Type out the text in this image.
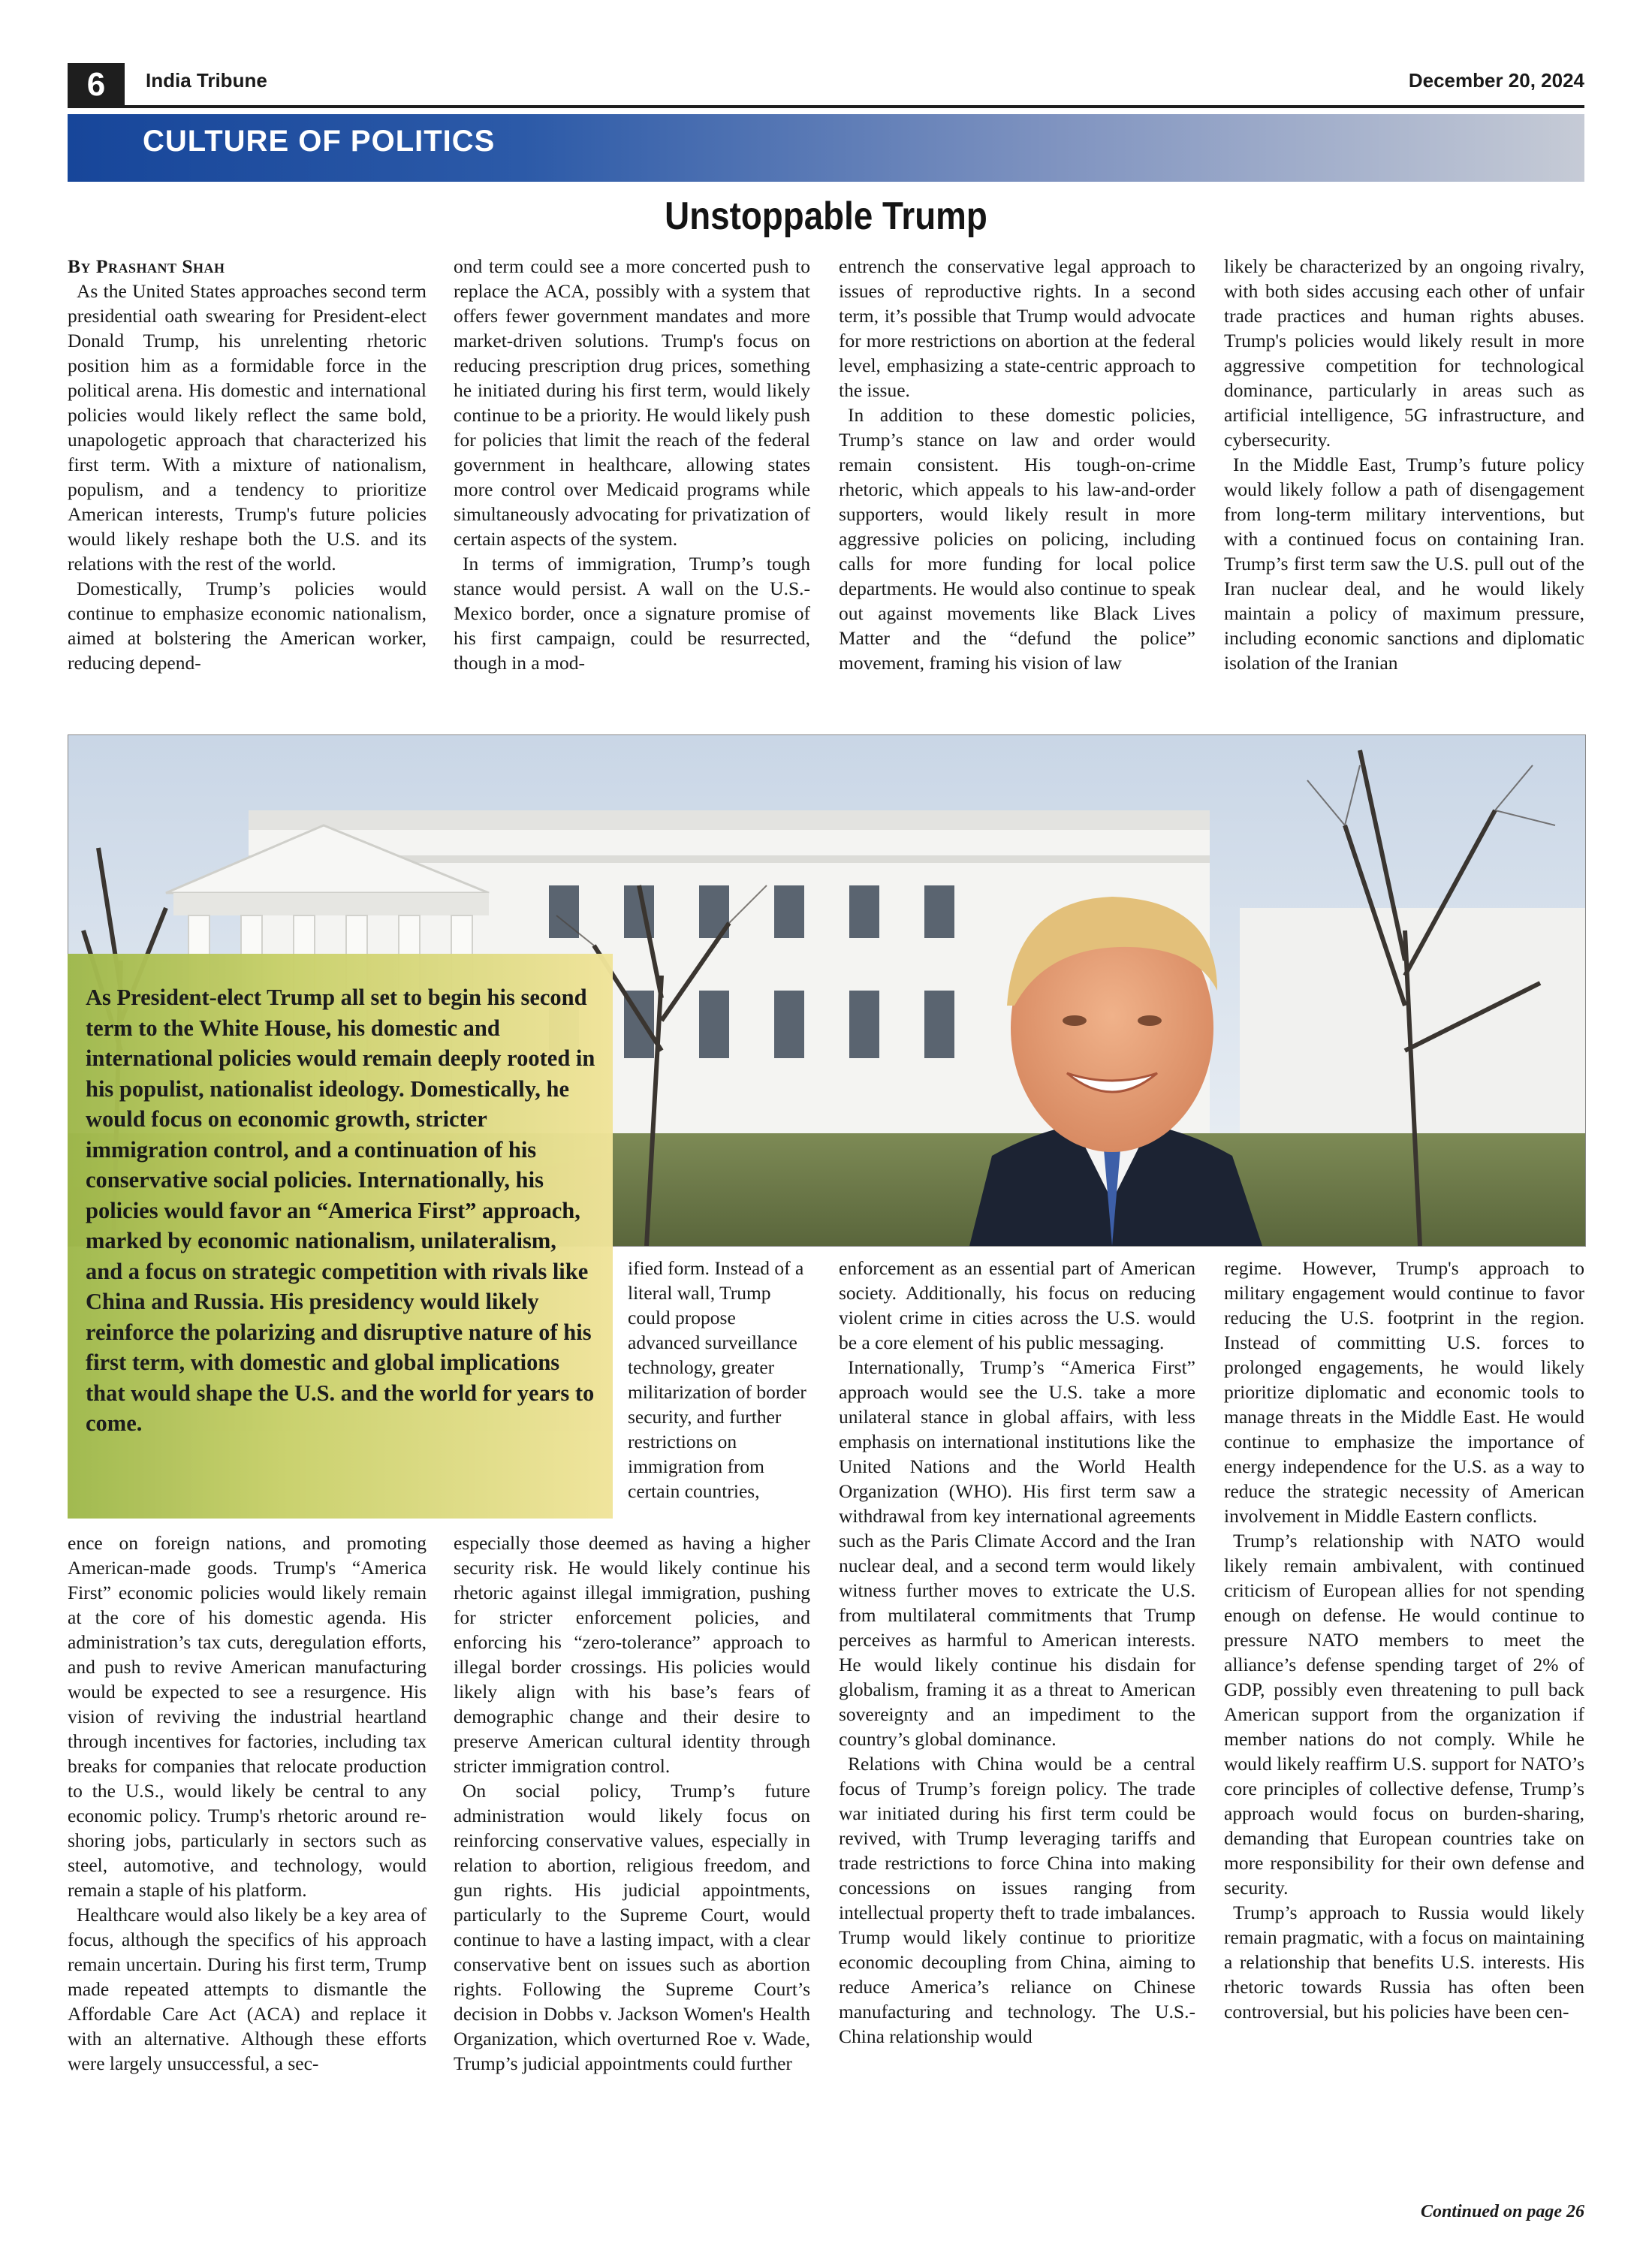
6	India Tribune	December 20, 2024
CULTURE OF POLITICS
Unstoppable Trump

By Prashant Shah

As the United States approaches second term presidential oath swearing for President-elect Donald Trump, his unrelenting rhetoric position him as a formidable force in the political arena. His domestic and international policies would likely reflect the same bold, unapologetic approach that characterized his first term. With a mixture of nationalism, populism, and a tendency to prioritize American interests, Trump's future policies would likely reshape both the U.S. and its relations with the rest of the world.

Domestically, Trump’s policies would continue to emphasize economic nationalism, aimed at bolstering the American worker, reducing depend-

ond term could see a more concerted push to replace the ACA, possibly with a system that offers fewer government mandates and more market-driven solutions. Trump's focus on reducing prescription drug prices, something he initiated during his first term, would likely continue to be a priority. He would likely push for policies that limit the reach of the federal government in healthcare, allowing states more control over Medicaid programs while simultaneously advocating for privatization of certain aspects of the system.

In terms of immigration, Trump’s tough stance would persist. A wall on the U.S.-Mexico border, once a signature promise of his first campaign, could be resurrected, though in a mod-

entrench the conservative legal approach to issues of reproductive rights. In a second term, it’s possible that Trump would advocate for more restrictions on abortion at the federal level, emphasizing a state-centric approach to the issue.

In addition to these domestic policies, Trump’s stance on law and order would remain consistent. His tough-on-crime rhetoric, which appeals to his law-and-order supporters, would likely result in more aggressive policies on policing, including calls for more funding for local police departments. He would also continue to speak out against movements like Black Lives Matter and the “defund the police” movement, framing his vision of law

likely be characterized by an ongoing rivalry, with both sides accusing each other of unfair trade practices and human rights abuses. Trump's policies would likely result in more aggressive competition for technological dominance, particularly in areas such as artificial intelligence, 5G infrastructure, and cybersecurity.

In the Middle East, Trump’s future policy would likely follow a path of disengagement from long-term military interventions, but with a continued focus on containing Iran. Trump’s first term saw the U.S. pull out of the Iran nuclear deal, and he would likely maintain a policy of maximum pressure, including economic sanctions and diplomatic isolation of the Iranian

As President-elect Trump all set to begin his second term to the White House, his domestic and international policies would remain deeply rooted in his populist, nationalist ideology. Domestically, he would focus on economic growth, stricter immigration control, and a continuation of his conservative social policies. Internationally, his policies would favor an “America First” approach, marked by economic nationalism, unilateralism, and a focus on strategic competition with rivals like China and Russia. His presidency would likely reinforce the polarizing and disruptive nature of his first term, with domestic and global implications that would shape the U.S. and the world for years to come.

ified form. Instead of a literal wall, Trump could propose advanced surveillance technology, greater militarization of border security, and further restrictions on immigration from certain countries,

enforcement as an essential part of American society. Additionally, his focus on reducing violent crime in cities across the U.S. would be a core element of his public messaging.

Internationally, Trump’s “America First” approach would see the U.S. take a more unilateral stance in global affairs, with less emphasis on international institutions like the United Nations and the World Health Organization (WHO). His first term saw a withdrawal from key international agreements such as the Paris Climate Accord and the Iran nuclear deal, and a second term would likely witness further moves to extricate the U.S. from multilateral commitments that Trump perceives as harmful to American interests. He would likely continue his disdain for globalism, framing it as a threat to American sovereignty and an impediment to the country’s global dominance.

Relations with China would be a central focus of Trump’s foreign policy. The trade war initiated during his first term could be revived, with Trump leveraging tariffs and trade restrictions to force China into making concessions on issues ranging from intellectual property theft to trade imbalances. Trump would likely continue to prioritize economic decoupling from China, aiming to reduce America’s reliance on Chinese manufacturing and technology. The U.S.-China relationship would

regime. However, Trump's approach to military engagement would continue to favor reducing the U.S. footprint in the region. Instead of committing U.S. forces to prolonged engagements, he would likely prioritize diplomatic and economic tools to manage threats in the Middle East. He would continue to emphasize the importance of energy independence for the U.S. as a way to reduce the strategic necessity of American involvement in Middle Eastern conflicts.

Trump’s relationship with NATO would likely remain ambivalent, with continued criticism of European allies for not spending enough on defense. He would continue to pressure NATO members to meet the alliance’s defense spending target of 2% of GDP, possibly even threatening to pull back American support from the organization if member nations do not comply. While he would likely reaffirm U.S. support for NATO’s core principles of collective defense, Trump’s approach would focus on burden-sharing, demanding that European countries take on more responsibility for their own defense and security.

Trump’s approach to Russia would likely remain pragmatic, with a focus on maintaining a relationship that benefits U.S. interests. His rhetoric towards Russia has often been controversial, but his policies have been cen-

ence on foreign nations, and promoting American-made goods. Trump's “America First” economic policies would likely remain at the core of his domestic agenda. His administration’s tax cuts, deregulation efforts, and push to revive American manufacturing would be expected to see a resurgence. His vision of reviving the industrial heartland through incentives for factories, including tax breaks for companies that relocate production to the U.S., would likely be central to any economic policy. Trump's rhetoric around re-shoring jobs, particularly in sectors such as steel, automotive, and technology, would remain a staple of his platform.

Healthcare would also likely be a key area of focus, although the specifics of his approach remain uncertain. During his first term, Trump made repeated attempts to dismantle the Affordable Care Act (ACA) and replace it with an alternative. Although these efforts were largely unsuccessful, a sec-

especially those deemed as having a higher security risk. He would likely continue his rhetoric against illegal immigration, pushing for stricter enforcement policies, and enforcing his “zero-tolerance” approach to illegal border crossings. His policies would likely align with his base’s fears of demographic change and their desire to preserve American cultural identity through stricter immigration control.

On social policy, Trump’s future administration would likely focus on reinforcing conservative values, especially in relation to abortion, religious freedom, and gun rights. His judicial appointments, particularly to the Supreme Court, would continue to have a lasting impact, with a clear conservative bent on issues such as abortion rights. Following the Supreme Court’s decision in Dobbs v. Jackson Women's Health Organization, which overturned Roe v. Wade, Trump’s judicial appointments could further

Continued on page 26
